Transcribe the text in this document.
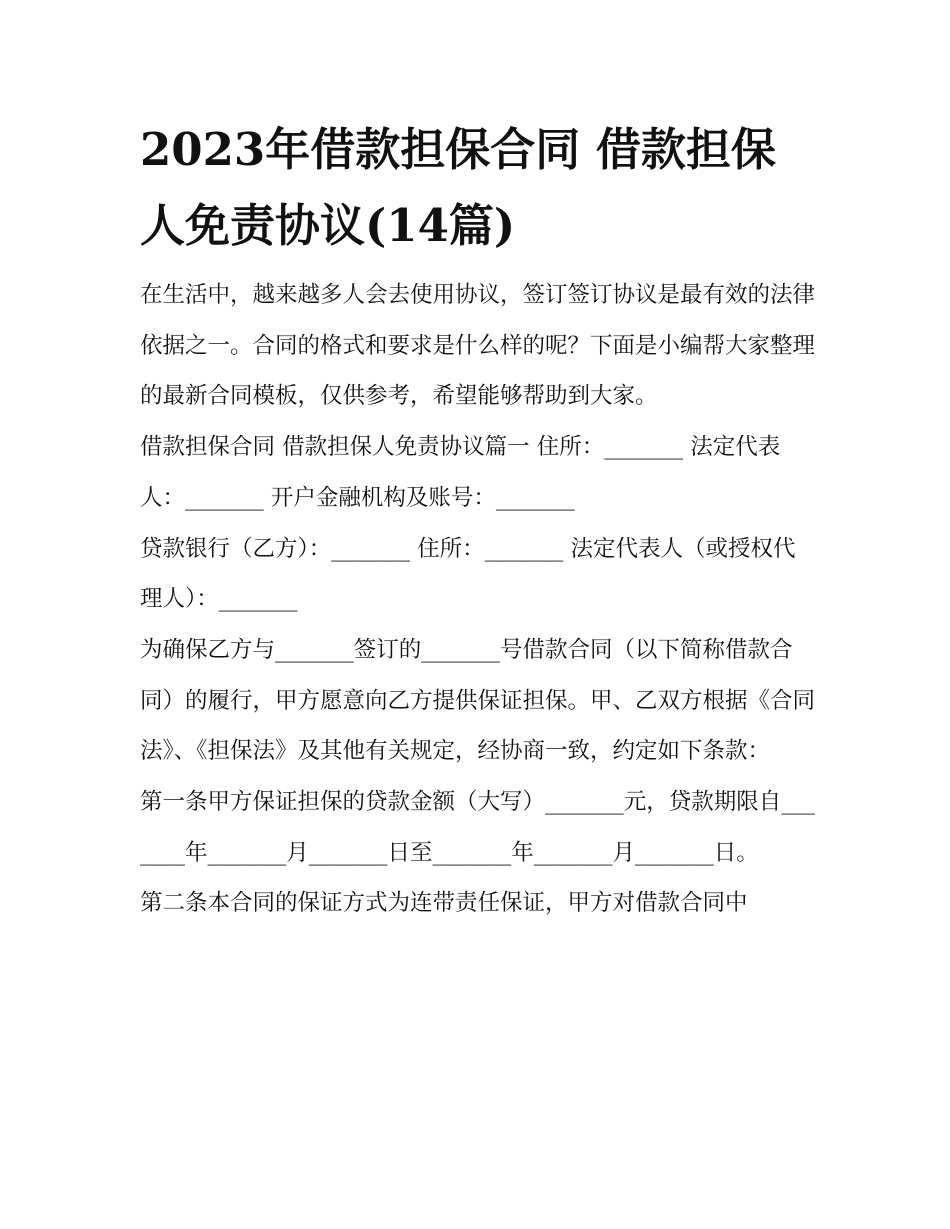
2023年借款担保合同 借款担保人免责协议(14篇)

在生活中，越来越多人会去使用协议，签订签订协议是最有效的法律依据之一。合同的格式和要求是什么样的呢？下面是小编帮大家整理的最新合同模板，仅供参考，希望能够帮助到大家。

借款担保合同 借款担保人免责协议篇一 住所：_______ 法定代表人：_______ 开户金融机构及账号：_______

贷款银行（乙方）：_______ 住所：_______ 法定代表人（或授权代理人）：_______

为确保乙方与_______签订的_______号借款合同（以下简称借款合同）的履行，甲方愿意向乙方提供保证担保。甲、乙双方根据《合同法》、《担保法》及其他有关规定，经协商一致，约定如下条款：

第一条甲方保证担保的贷款金额（大写）_______元，贷款期限自_______年_______月_______日至_______年_______月_______日。

第二条本合同的保证方式为连带责任保证，甲方对借款合同中
